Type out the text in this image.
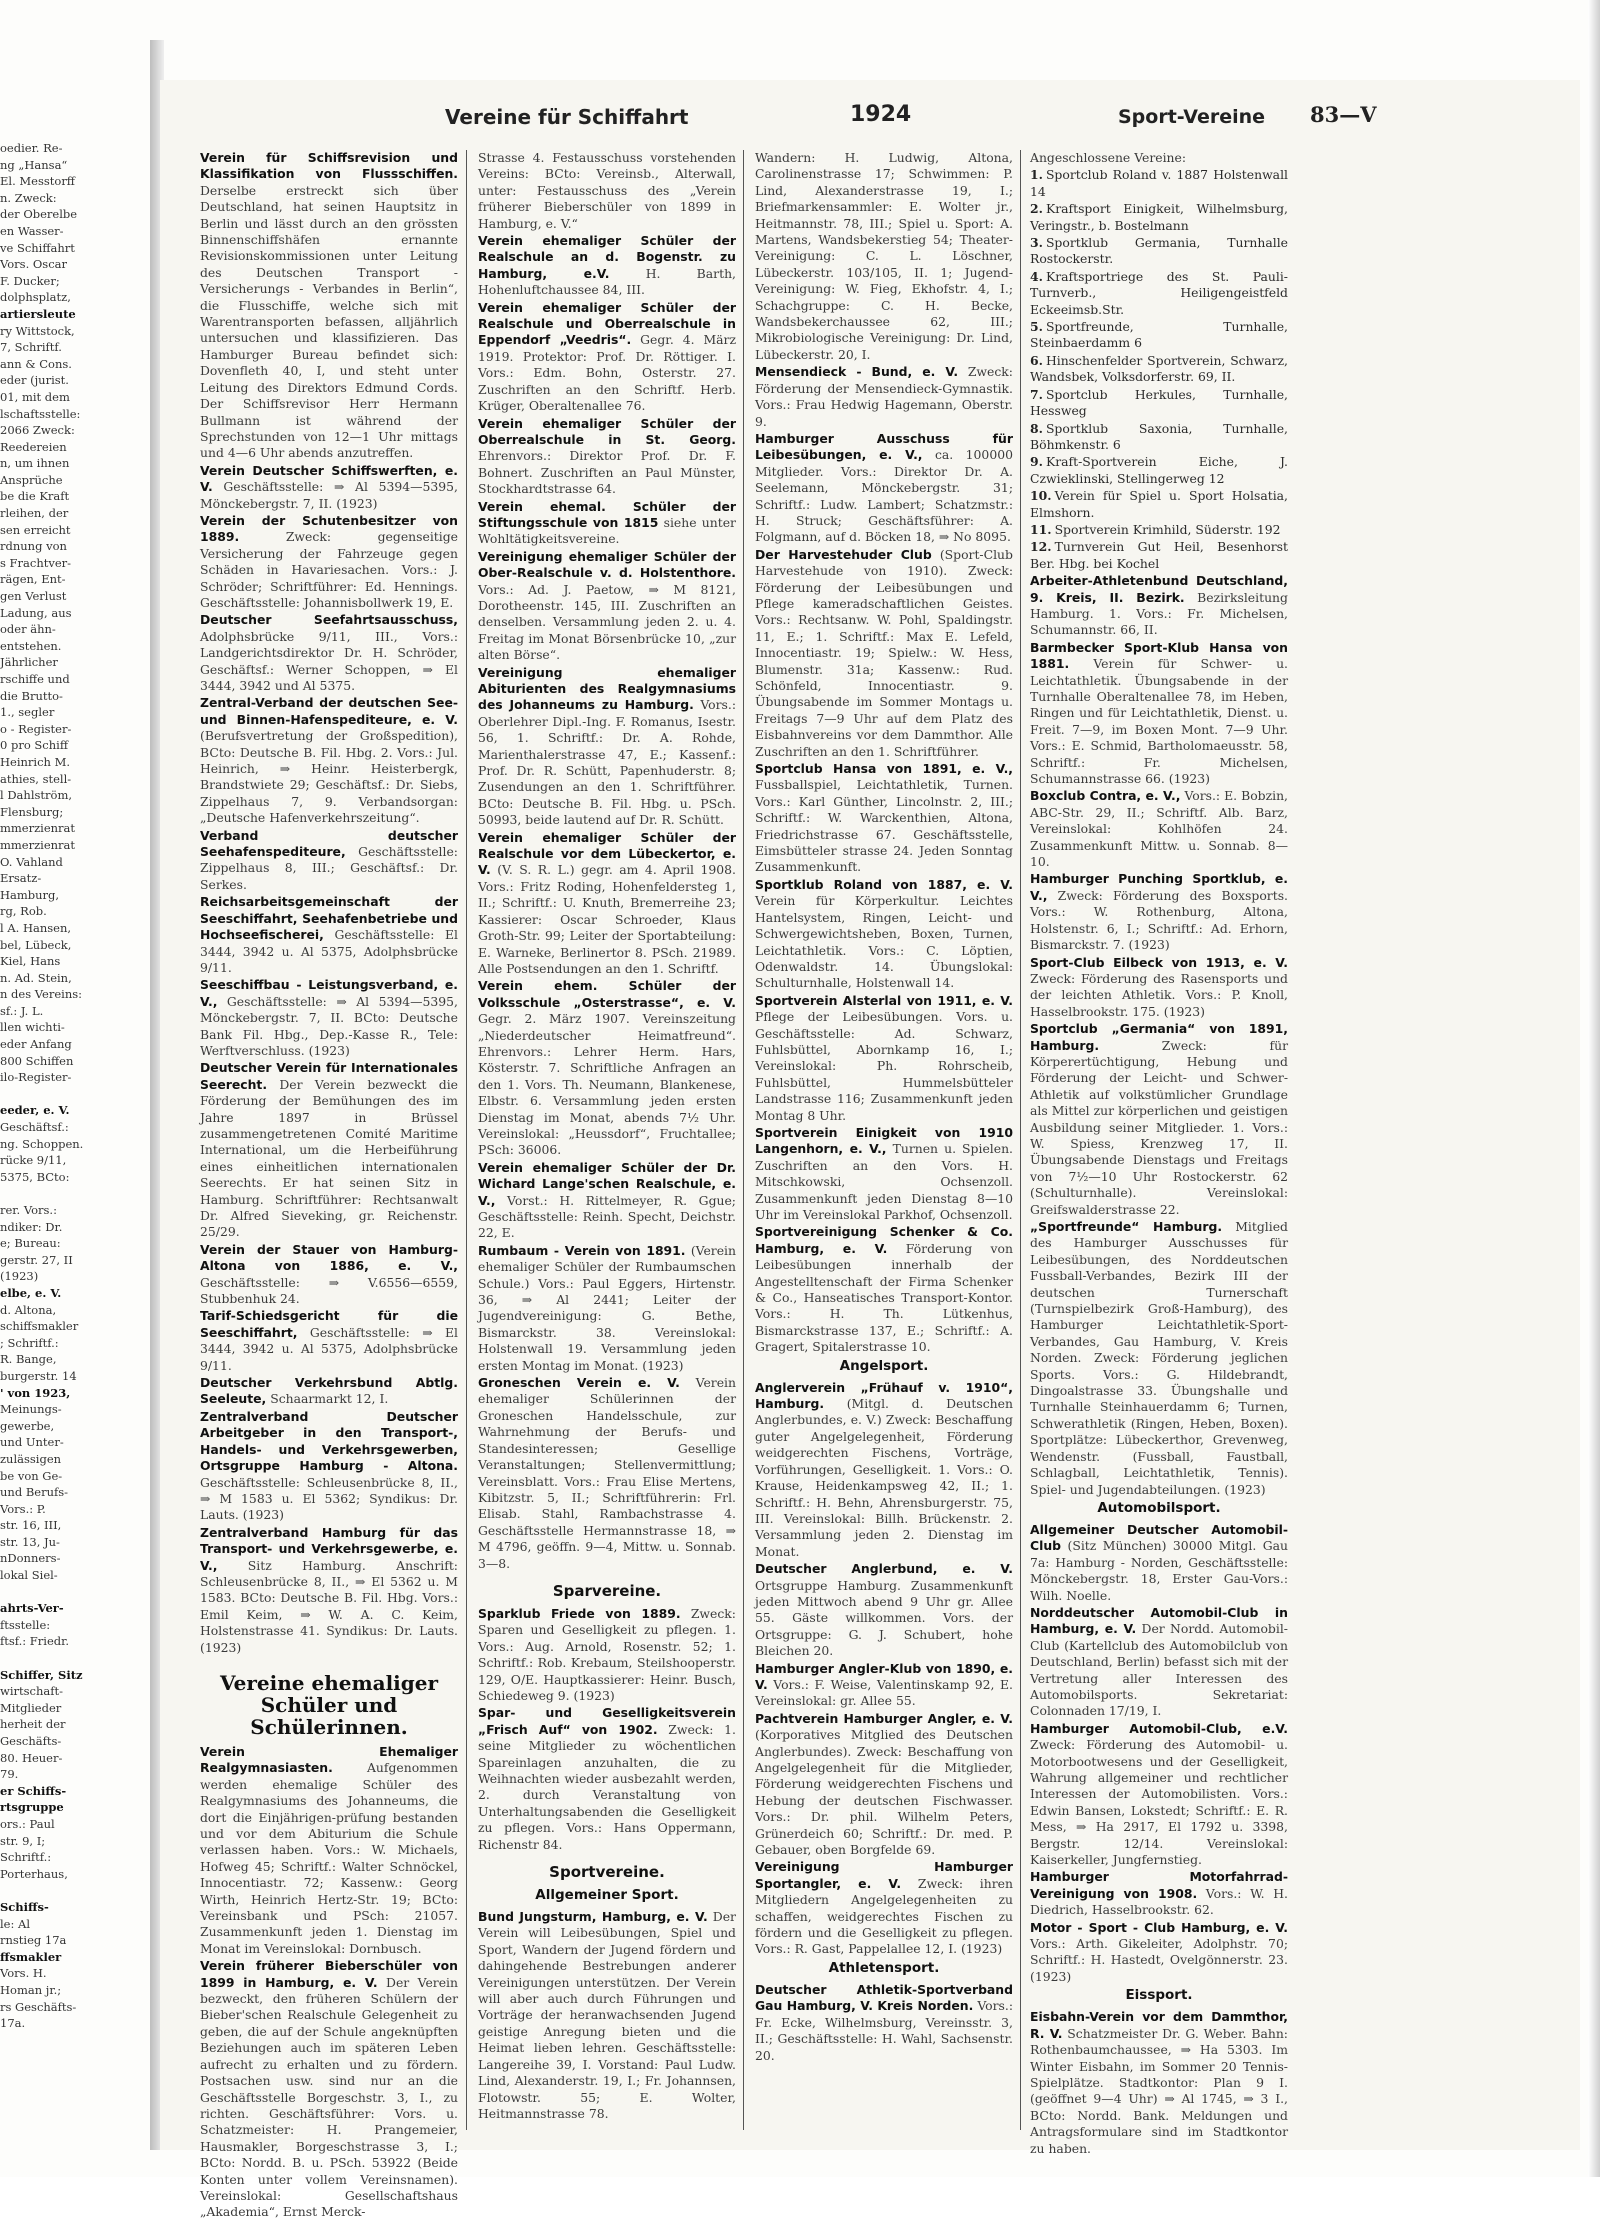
oedier. Re-
ng „Hansa“
El. Messtorff
n. Zweck:
der Oberelbe
en Wasser-
ve Schiffahrt
Vors. Oscar
F. Ducker;
dolphsplatz,
artiersleute
ry Wittstock,
7, Schriftf.
ann & Cons.
eder (jurist.
01, mit dem
lschaftsstelle:
2066 Zweck:
Reedereien
n, um ihnen
Ansprüche
be die Kraft
rleihen, der
sen erreicht
rdnung von
s Frachtver-
rägen, Ent-
gen Verlust
Ladung, aus
oder ähn-
entstehen.
Jährlicher
rschiffe und
die Brutto-
1., segler
o - Register-
0 pro Schiff
Heinrich M.
athies, stell-
l Dahlström,
Flensburg;
mmerzienrat
mmerzienrat
O. Vahland
Ersatz-
Hamburg,
rg, Rob.
l A. Hansen,
bel, Lübeck,
Kiel, Hans
n. Ad. Stein,
n des Vereins:
sf.: J. L.
llen wichti-
eder Anfang
800 Schiffen
ilo-Register-

eeder, e. V.
Geschäftsf.:
ng. Schoppen.
rücke 9/11,
5375, BCto:

rer. Vors.:
ndiker: Dr.
e; Bureau:
gerstr. 27, II
(1923)
elbe, e. V.
d. Altona,
schiffsmakler
; Schriftf.:
R. Bange,
burgerstr. 14
' von 1923,
Meinungs-
gewerbe,
und Unter-
zulässigen
be von Ge-
und Berufs-
Vors.: P.
str. 16, III,
str. 13, Ju-
nDonners-
lokal Siel-

ahrts-Ver-
ftsstelle:
ftsf.: Friedr.

Schiffer, Sitz
wirtschaft-
Mitglieder
herheit der
Geschäfts-
80. Heuer-
79.
er Schiffs-
rtsgruppe
ors.: Paul
str. 9, I;
Schriftf.:
Porterhaus,

Schiffs-
le: Al
rnstieg 17a
ffsmakler
Vors. H.
Homan jr.;
rs Geschäfts-
17a.
Vereine für Schiffahrt	1924	Sport-Vereine 83—V
Verein für Schiffsrevision und Klassifikation von Flussschiffen. Derselbe erstreckt sich über Deutschland, hat seinen Hauptsitz in Berlin und lässt durch an den grössten Binnenschiffshäfen ernannte Revisionskommissionen unter Leitung des Deutschen Transport - Versicherungs - Verbandes in Berlin“, die Flusschiffe, welche sich mit Warentransporten befassen, alljährlich untersuchen und klassifizieren. Das Hamburger Bureau befindet sich: Dovenfleth 40, I, und steht unter Leitung des Direktors Edmund Cords. Der Schiffsrevisor Herr Hermann Bullmann ist während der Sprechstunden von 12—1 Uhr mittags und 4—6 Uhr abends anzutreffen.
Verein Deutscher Schiffswerften, e. V. Geschäftsstelle: ⇒ Al 5394—5395, Mönckebergstr. 7, II. (1923)
Verein der Schutenbesitzer von 1889.	Zweck: gegenseitige Versicherung der Fahrzeuge gegen Schäden in Havariesachen. Vors.: J. Schröder; Schriftführer: Ed. Hennings. Geschäftsstelle: Johannisbollwerk 19, E.
Deutscher Seefahrtsausschuss, Adolphsbrücke 9/11, III., Vors.: Landgerichtsdirektor Dr. H. Schröder, Geschäftsf.: Werner Schoppen, ⇒ El 3444, 3942 und Al 5375.
Zentral-Verband der deutschen See- und Binnen-Hafenspediteure, e. V. (Berufsvertretung der Großspedition), BCto: Deutsche B. Fil. Hbg. 2. Vors.: Jul. Heinrich, ⇒ Heinr. Heisterbergk, Brandstwiete 29; Geschäftsf.: Dr. Siebs, Zippelhaus 7, 9. Verbandsorgan: „Deutsche Hafenverkehrszeitung“.
Verband deutscher Seehafenspediteure, Geschäftsstelle: Zippelhaus 8, III.; Geschäftsf.: Dr. Serkes.
Reichsarbeitsgemeinschaft der Seeschiffahrt, Seehafenbetriebe und Hochseefischerei, Geschäftsstelle: El 3444, 3942 u. Al 5375, Adolphsbrücke 9/11.
Seeschiffbau - Leistungsverband, e. V., Geschäftsstelle: ⇒ Al 5394—5395, Mönckebergstr. 7, II. BCto: Deutsche Bank Fil. Hbg., Dep.-Kasse R., Tele: Werftverschluss. (1923)
Deutscher Verein für Internationales Seerecht. Der Verein bezweckt die Förderung der Bemühungen des im Jahre 1897 in Brüssel zusammengetretenen Comité Maritime International, um die Herbeiführung eines einheitlichen internationalen Seerechts. Er hat seinen Sitz in Hamburg. Schriftführer: Rechtsanwalt Dr. Alfred Sieveking, gr. Reichenstr. 25/29.
Verein der Stauer von Hamburg-Altona von 1886, e. V., Geschäftsstelle: ⇒ V.6556—6559, Stubbenhuk 24.
Tarif-Schiedsgericht für die Seeschiffahrt, Geschäftsstelle: ⇒ El 3444, 3942 u. Al 5375, Adolphsbrücke 9/11.
Deutscher Verkehrsbund Abtlg. Seeleute, Schaarmarkt 12, I.
Zentralverband Deutscher Arbeitgeber in den Transport-, Handels- und Verkehrsgewerben, Ortsgruppe Hamburg - Altona. Geschäftsstelle: Schleusenbrücke 8, II., ⇒ M 1583 u. El 5362; Syndikus: Dr. Lauts. (1923)
Zentralverband Hamburg für das Transport- und Verkehrsgewerbe, e. V., Sitz Hamburg. Anschrift: Schleusenbrücke 8, II., ⇒ El 5362 u. M 1583. BCto: Deutsche B. Fil. Hbg. Vors.: Emil Keim, ⇒ W. A. C. Keim, Holstenstrasse 41. Syndikus: Dr. Lauts. (1923)
Vereine ehemaliger Schüler und Schülerinnen.
Verein Ehemaliger Realgymnasiasten.	Aufgenommen werden ehemalige Schüler des Realgymnasiums des Johanneums, die dort die Einjährigen-prüfung bestanden und vor dem Abiturium die Schule verlassen haben. Vors.: W. Michaels, Hofweg 45; Schriftf.: Walter Schnöckel, Innocentiastr. 72; Kassenw.: Georg Wirth, Heinrich Hertz-Str. 19; BCto: Vereinsbank und PSch: 21057. Zusammenkunft jeden 1. Dienstag im Monat im Vereinslokal: Dornbusch.
Verein früherer Bieberschüler von 1899 in Hamburg, e. V. Der Verein bezweckt, den früheren Schülern der Bieber'schen Realschule Gelegenheit zu geben, die auf der Schule angeknüpften Beziehungen auch im späteren Leben aufrecht zu erhalten und zu fördern. Postsachen usw. sind nur an die Geschäftsstelle Borgeschstr. 3, I., zu richten. Geschäftsführer: Vors. u. Schatzmeister: H. Prangemeier, Hausmakler, Borgeschstrasse 3, I.; BCto: Nordd. B. u. PSch. 53922 (Beide Konten unter vollem Vereinsnamen). Vereinslokal: Gesellschaftshaus „Akademia“, Ernst Merck-
Strasse 4. Festausschuss vorstehenden Vereins: BCto: Vereinsb., Alterwall, unter: Festausschuss des „Verein früherer Bieberschüler von 1899 in Hamburg, e. V.“
Verein ehemaliger Schüler der Realschule an d. Bogenstr. zu Hamburg, e.V.	H. Barth, Hohenluftchaussee 84, III.
Verein ehemaliger Schüler der Realschule und Oberrealschule in Eppendorf „Veedris“. Gegr. 4. März 1919. Protektor: Prof. Dr. Röttiger. I. Vors.: Edm. Bohn, Osterstr. 27. Zuschriften an den Schriftf. Herb. Krüger, Oberaltenallee 76.
Verein ehemaliger Schüler der Oberrealschule in St. Georg. Ehrenvors.: Direktor Prof. Dr. F. Bohnert. Zuschriften an Paul Münster, Stockhardtstrasse 64.
Verein ehemal. Schüler der Stiftungsschule von 1815 siehe unter Wohltätigkeitsvereine.
Vereinigung ehemaliger Schüler der Ober-Realschule v. d. Holstenthore. Vors.: Ad. J. Paetow, ⇒ M 8121, Dorotheenstr. 145, III. Zuschriften an denselben. Versammlung jeden 2. u. 4. Freitag im Monat Börsenbrücke 10, „zur alten Börse“.
Vereinigung ehemaliger Abiturienten des Realgymnasiums des Johanneums zu Hamburg. Vors.: Oberlehrer Dipl.-Ing. F. Romanus, Isestr. 56, 1. Schriftf.: Dr. A. Rohde, Marienthalerstrasse 47, E.; Kassenf.: Prof. Dr. R. Schütt, Papenhuderstr. 8; Zusendungen an den 1. Schriftführer. BCto: Deutsche B. Fil. Hbg. u. PSch. 50993, beide lautend auf Dr. R. Schütt.
Verein ehemaliger Schüler der Realschule vor dem Lübeckertor, e. V. (V. S. R. L.) gegr. am 4. April 1908. Vors.: Fritz Roding, Hohenfeldersteg 1, II.; Schriftf.: U. Knuth, Bremerreihe 23; Kassierer: Oscar Schroeder, Klaus Groth-Str. 99; Leiter der Sportabteilung: E. Warneke, Berlinertor 8. PSch. 21989. Alle Postsendungen an den 1. Schriftf.
Verein ehem. Schüler der Volksschule „Osterstrasse“, e. V. Gegr. 2. März 1907. Vereinszeitung „Niederdeutscher Heimatfreund“. Ehrenvors.: Lehrer Herm. Hars, Kösterstr. 7. Schriftliche Anfragen an den 1. Vors. Th. Neumann, Blankenese, Elbstr. 6. Versammlung jeden ersten Dienstag im Monat, abends 7½ Uhr. Vereinslokal: „Heussdorf“, Fruchtallee; PSch: 36006.
Verein ehemaliger Schüler der Dr. Wichard Lange'schen Realschule, e. V., Vorst.: H. Rittelmeyer, R. Ggue; Geschäftsstelle: Reinh. Specht, Deichstr. 22, E.
Rumbaum - Verein von 1891. (Verein ehemaliger Schüler der Rumbaumschen Schule.) Vors.: Paul Eggers, Hirtenstr. 36, ⇒ Al 2441; Leiter der Jugendvereinigung: G. Bethe, Bismarckstr. 38. Vereinslokal: Holstenwall 19. Versammlung jeden ersten Montag im Monat. (1923)
Groneschen Verein e. V. Verein ehemaliger Schülerinnen der Groneschen Handelsschule, zur Wahrnehmung der Berufs- und Standesinteressen; Gesellige Veranstaltungen; Stellenvermittlung; Vereinsblatt. Vors.: Frau Elise Mertens, Kibitzstr. 5, II.; Schriftführerin: Frl. Elisab. Stahl, Rambachstrasse 4. Geschäftsstelle Hermannstrasse 18, ⇒ M 4796, geöffn. 9—4, Mittw. u. Sonnab. 3—8.
Sparvereine.
Sparklub Friede von 1889. Zweck: Sparen und Geselligkeit zu pflegen. 1. Vors.: Aug. Arnold, Rosenstr. 52; 1. Schriftf.: Rob. Krebaum, Steilshooperstr. 129, O/E. Hauptkassierer: Heinr. Busch, Schiedeweg 9. (1923)
Spar- und Geselligkeitsverein „Frisch Auf“ von 1902. Zweck: 1. seine Mitglieder zu wöchentlichen Spareinlagen anzuhalten, die zu Weihnachten wieder ausbezahlt werden, 2. durch Veranstaltung von Unterhaltungsabenden die Geselligkeit zu pflegen. Vors.: Hans Oppermann, Richenstr 84.
Sportvereine.
Allgemeiner Sport.
Bund Jungsturm, Hamburg, e. V. Der Verein will Leibesübungen, Spiel und Sport, Wandern der Jugend fördern und dahingehende Bestrebungen anderer Vereinigungen unterstützen. Der Verein will aber auch durch Führungen und Vorträge der heranwachsenden Jugend geistige Anregung bieten und die Heimat lieben lehren. Geschäftsstelle: Langereihe 39, I. Vorstand: Paul Ludw. Lind, Alexanderstr. 19, I.; Fr. Johannsen, Flotowstr. 55; E. Wolter, Heitmannstrasse 78.
Wandern: H. Ludwig, Altona, Carolinenstrasse 17; Schwimmen: P. Lind, Alexanderstrasse 19, I.; Briefmarkensammler: E. Wolter jr., Heitmannstr. 78, III.; Spiel u. Sport: A. Martens, Wandsbekerstieg 54; Theater-Vereinigung: C. L. Löschner, Lübeckerstr. 103/105, II. 1; Jugend-Vereinigung: W. Fieg, Ekhofstr. 4, I.; Schachgruppe: C. H. Becke, Wandsbekerchaussee 62, III.; Mikrobiologische Vereinigung: Dr. Lind, Lübeckerstr. 20, I.
Mensendieck - Bund, e. V. Zweck: Förderung der Mensendieck-Gymnastik. Vors.: Frau Hedwig Hagemann, Oberstr. 9.
Hamburger Ausschuss für Leibesübungen, e. V., ca. 100000 Mitglieder. Vors.: Direktor Dr. A. Seelemann, Mönckebergstr. 31; Schriftf.: Ludw. Lambert; Schatzmstr.: H. Struck; Geschäftsführer: A. Folgmann, auf d. Böcken 18, ⇒ No 8095.
Der Harvestehuder Club (Sport-Club Harvestehude von 1910). Zweck: Förderung der Leibesübungen und Pflege kameradschaftlichen Geistes. Vors.: Rechtsanw. W. Pohl, Spaldingstr. 11, E.; 1. Schriftf.: Max E. Lefeld, Innocentiastr. 19; Spielw.: W. Hess, Blumenstr. 31a; Kassenw.: Rud. Schönfeld, Innocentiastr. 9. Übungsabende im Sommer Montags u. Freitags 7—9 Uhr auf dem Platz des Eisbahnvereins vor dem Dammthor. Alle Zuschriften an den 1. Schriftführer.
Sportclub Hansa von 1891, e. V., Fussballspiel, Leichtathletik, Turnen. Vors.: Karl Günther, Lincolnstr. 2, III.; Schriftf.: W. Warckenthien, Altona, Friedrichstrasse 67. Geschäftsstelle, Eimsbütteler strasse 24. Jeden Sonntag Zusammenkunft.
Sportklub Roland von 1887, e. V. Verein für Körperkultur. Leichtes Hantelsystem, Ringen, Leicht- und Schwergewichtsheben, Boxen, Turnen, Leichtathletik. Vors.: C. Löptien, Odenwaldstr. 14. Übungslokal: Schulturnhalle, Holstenwall 14.
Sportverein Alsterlal von 1911, e. V. Pflege der Leibesübungen. Vors. u. Geschäftsstelle: Ad. Schwarz, Fuhlsbüttel, Abornkamp 16, I.; Vereinslokal: Ph. Rohrscheib, Fuhlsbüttel, Hummelsbütteler Landstrasse 116; Zusammenkunft jeden Montag 8 Uhr.
Sportverein Einigkeit von 1910 Langenhorn, e. V., Turnen u. Spielen. Zuschriften an den Vors. H. Mitschkowski, Ochsenzoll. Zusammenkunft jeden Dienstag 8—10 Uhr im Vereinslokal Parkhof, Ochsenzoll.
Sportvereinigung Schenker & Co. Hamburg, e. V. Förderung von Leibesübungen innerhalb der Angestelltenschaft der Firma Schenker & Co., Hanseatisches Transport-Kontor. Vors.: H. Th. Lütkenhus, Bismarckstrasse 137, E.; Schriftf.: A. Gragert, Spitalerstrasse 10.
Angelsport.
Anglerverein „Frühauf v. 1910“, Hamburg. (Mitgl. d. Deutschen Anglerbundes, e. V.) Zweck: Beschaffung guter Angelgelegenheit, Förderung weidgerechten Fischens, Vorträge, Vorführungen, Geselligkeit. 1. Vors.: O. Krause, Heidenkampsweg 42, II.; 1. Schriftf.: H. Behn, Ahrensburgerstr. 75, III. Vereinslokal: Billh. Brückenstr. 2. Versammlung jeden 2. Dienstag im Monat.
Deutscher Anglerbund, e. V. Ortsgruppe Hamburg. Zusammenkunft jeden Mittwoch abend 9 Uhr gr. Allee 55. Gäste willkommen. Vors. der Ortsgruppe: G. J. Schubert, hohe Bleichen 20.
Hamburger Angler-Klub von 1890, e. V. Vors.: F. Weise, Valentinskamp 92, E. Vereinslokal: gr. Allee 55.
Pachtverein Hamburger Angler, e. V. (Korporatives Mitglied des Deutschen Anglerbundes). Zweck: Beschaffung von Angelgelegenheit für die Mitglieder, Förderung weidgerechten Fischens und Hebung der deutschen Fischwasser. Vors.: Dr. phil. Wilhelm Peters, Grünerdeich 60; Schriftf.: Dr. med. P. Gebauer, oben Borgfelde 69.
Vereinigung Hamburger Sportangler, e. V. Zweck: ihren Mitgliedern Angelgelegenheiten zu schaffen, weidgerechtes Fischen zu fördern und die Geselligkeit zu pflegen. Vors.: R. Gast, Pappelallee 12, I. (1923)
Athletensport.
Deutscher Athletik-Sportverband Gau Hamburg, V. Kreis Norden. Vors.: Fr. Ecke, Wilhelmsburg, Vereinsstr. 3, II.; Geschäftsstelle: H. Wahl, Sachsenstr. 20.
Angeschlossene Vereine:
1. Sportclub Roland v. 1887 Holstenwall 14
2. Kraftsport Einigkeit, Wilhelmsburg, Veringstr., b. Bostelmann
3. Sportklub Germania, Turnhalle Rostockerstr.
4. Kraftsportriege des St. Pauli-Turnverb., Heiligengeistfeld Eckeeimsb.Str.
5. Sportfreunde, Turnhalle, Steinbaerdamm 6
6. Hinschenfelder Sportverein, Schwarz, Wandsbek, Volksdorferstr. 69, II.
7. Sportclub Herkules, Turnhalle, Hessweg
8. Sportklub Saxonia, Turnhalle, Böhmkenstr. 6
9. Kraft-Sportverein Eiche, J. Czwieklinski, Stellingerweg 12
10. Verein für Spiel u. Sport Holsatia, Elmshorn.
11. Sportverein Krimhild, Süderstr. 192
12. Turnverein Gut Heil, Besenhorst Ber. Hbg. bei Kochel
Arbeiter-Athletenbund Deutschland, 9. Kreis, II. Bezirk. Bezirksleitung Hamburg. 1. Vors.: Fr. Michelsen, Schumannstr. 66, II.
Barmbecker Sport-Klub Hansa von 1881. Verein für Schwer- u. Leichtathletik. Übungsabende in der Turnhalle Oberaltenallee 78, im Heben, Ringen und für Leichtathletik, Dienst. u. Freit. 7—9, im Boxen Mont. 7—9 Uhr. Vors.: E. Schmid, Bartholomaeusstr. 58, Schriftf.: Fr. Michelsen, Schumannstrasse 66. (1923)
Boxclub Contra, e. V., Vors.: E. Bobzin, ABC-Str. 29, II.; Schriftf. Alb. Barz, Vereinslokal: Kohlhöfen 24. Zusammenkunft Mittw. u. Sonnab. 8—10.
Hamburger Punching Sportklub, e. V., Zweck: Förderung des Boxsports. Vors.: W. Rothenburg, Altona, Holstenstr. 6, I.; Schriftf.: Ad. Erhorn, Bismarckstr. 7. (1923)
Sport-Club Eilbeck von 1913, e. V. Zweck: Förderung des Rasensports und der leichten Athletik. Vors.: P. Knoll, Hasselbrookstr. 175. (1923)
Sportclub „Germania“ von 1891, Hamburg.	Zweck: für Körperertüchtigung, Hebung und Förderung der Leicht- und Schwer-Athletik auf volkstümlicher Grundlage als Mittel zur körperlichen und geistigen Ausbildung seiner Mitglieder. 1. Vors.: W. Spiess, Krenzweg 17, II. Übungsabende Dienstags und Freitags von 7½—10 Uhr Rostockerstr. 62 (Schulturnhalle). Vereinslokal: Greifswalderstrasse 22.
„Sportfreunde“ Hamburg. Mitglied des Hamburger Ausschusses für Leibesübungen, des Norddeutschen Fussball-Verbandes, Bezirk III der deutschen Turnerschaft (Turnspielbezirk Groß-Hamburg), des Hamburger Leichtathletik-Sport-Verbandes, Gau Hamburg, V. Kreis Norden. Zweck: Förderung jeglichen Sports. Vors.: G. Hildebrandt, Dingoalstrasse 33. Übungshalle und Turnhalle Steinhauerdamm 6; Turnen, Schwerathletik (Ringen, Heben, Boxen). Sportplätze: Lübeckerthor, Grevenweg, Wendenstr. (Fussball, Faustball, Schlagball, Leichtathletik, Tennis). Spiel- und Jugendabteilungen. (1923)
Automobilsport.
Allgemeiner Deutscher Automobil-Club (Sitz München) 30000 Mitgl. Gau 7a: Hamburg - Norden, Geschäftsstelle: Mönckebergstr. 18, Erster Gau-Vors.: Wilh. Noelle.
Norddeutscher Automobil-Club in Hamburg, e. V. Der Nordd. Automobil-Club (Kartellclub des Automobilclub von Deutschland, Berlin) befasst sich mit der Vertretung aller Interessen des Automobilsports. Sekretariat: Colonnaden 17/19, I.
Hamburger Automobil-Club, e.V. Zweck: Förderung des Automobil- u. Motorbootwesens und der Geselligkeit, Wahrung allgemeiner und rechtlicher Interessen der Automobilisten. Vors.: Edwin Bansen, Lokstedt; Schriftf.: E. R. Mess, ⇒ Ha 2917, El 1792 u. 3398, Bergstr. 12/14. Vereinslokal: Kaiserkeller, Jungfernstieg.
Hamburger Motorfahrrad-Vereinigung von 1908. Vors.: W. H. Diedrich, Hasselbrookstr. 62.
Motor - Sport - Club Hamburg, e. V. Vors.: Arth. Gikeleiter, Adolphstr. 70; Schriftf.: H. Hastedt, Ovelgönnerstr. 23. (1923)
Eissport.
Eisbahn-Verein vor dem Dammthor, R. V. Schatzmeister Dr. G. Weber. Bahn: Rothenbaumchaussee, ⇒ Ha 5303. Im Winter Eisbahn, im Sommer 20 Tennis-Spielplätze. Stadtkontor: Plan 9 I. (geöffnet 9—4 Uhr) ⇒ Al 1745, ⇒ 3 I., BCto: Nordd. Bank. Meldungen und Antragsformulare sind im Stadtkontor zu haben.
